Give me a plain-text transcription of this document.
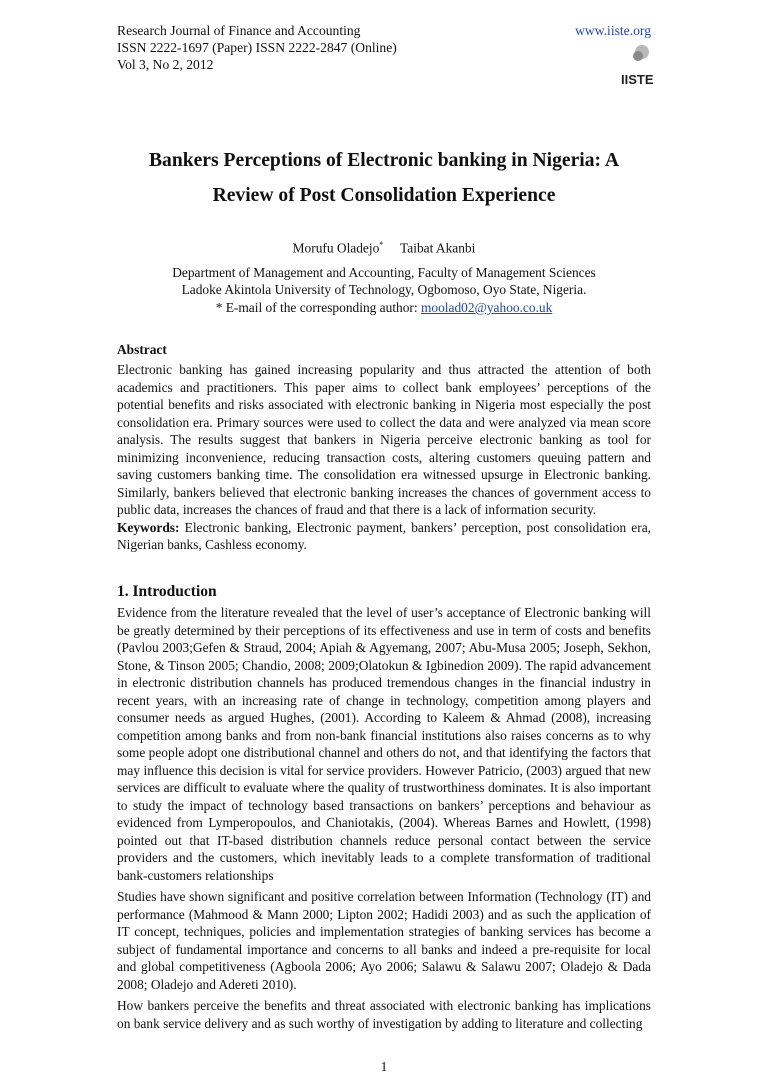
Research Journal of Finance and Accounting
ISSN 2222-1697 (Paper) ISSN 2222-2847 (Online)
Vol 3, No 2, 2012
www.iiste.org
IISTE
Bankers Perceptions of Electronic banking in Nigeria: A
Review of Post Consolidation Experience
Morufu Oladejo* Taibat Akanbi
Department of Management and Accounting, Faculty of Management Sciences
Ladoke Akintola University of Technology, Ogbomoso, Oyo State, Nigeria.
* E-mail of the corresponding author: moolad02@yahoo.co.uk
Abstract

Electronic banking has gained increasing popularity and thus attracted the attention of both academics and practitioners. This paper aims to collect bank employees’ perceptions of the potential benefits and risks associated with electronic banking in Nigeria most especially the post consolidation era. Primary sources were used to collect the data and were analyzed via mean score analysis. The results suggest that bankers in Nigeria perceive electronic banking as tool for minimizing inconvenience, reducing transaction costs, altering customers queuing pattern and saving customers banking time. The consolidation era witnessed upsurge in Electronic banking. Similarly, bankers believed that electronic banking increases the chances of government access to public data, increases the chances of fraud and that there is a lack of information security.

Keywords: Electronic banking, Electronic payment, bankers’ perception, post consolidation era, Nigerian banks, Cashless economy.

1. Introduction

Evidence from the literature revealed that the level of user’s acceptance of Electronic banking will be greatly determined by their perceptions of its effectiveness and use in term of costs and benefits (Pavlou 2003;Gefen & Straud, 2004; Apiah & Agyemang, 2007; Abu-Musa 2005; Joseph, Sekhon, Stone, & Tinson 2005; Chandio, 2008; 2009;Olatokun & Igbinedion 2009). The rapid advancement in electronic distribution channels has produced tremendous changes in the financial industry in recent years, with an increasing rate of change in technology, competition among players and consumer needs as argued Hughes, (2001). According to Kaleem & Ahmad (2008), increasing competition among banks and from non-bank financial institutions also raises concerns as to why some people adopt one distributional channel and others do not, and that identifying the factors that may influence this decision is vital for service providers. However Patricio, (2003) argued that new services are difficult to evaluate where the quality of trustworthiness dominates. It is also important to study the impact of technology based transactions on bankers’ perceptions and behaviour as evidenced from Lymperopoulos, and Chaniotakis, (2004). Whereas Barnes and Howlett, (1998) pointed out that IT-based distribution channels reduce personal contact between the service providers and the customers, which inevitably leads to a complete transformation of traditional bank-customers relationships

Studies have shown significant and positive correlation between Information (Technology (IT) and performance (Mahmood & Mann 2000; Lipton 2002; Hadidi 2003) and as such the application of IT concept, techniques, policies and implementation strategies of banking services has become a subject of fundamental importance and concerns to all banks and indeed a pre-requisite for local and global competitiveness (Agboola 2006; Ayo 2006; Salawu & Salawu 2007; Oladejo & Dada 2008; Oladejo and Adereti 2010).

How bankers perceive the benefits and threat associated with electronic banking has implications on bank service delivery and as such worthy of investigation by adding to literature and collecting

1
